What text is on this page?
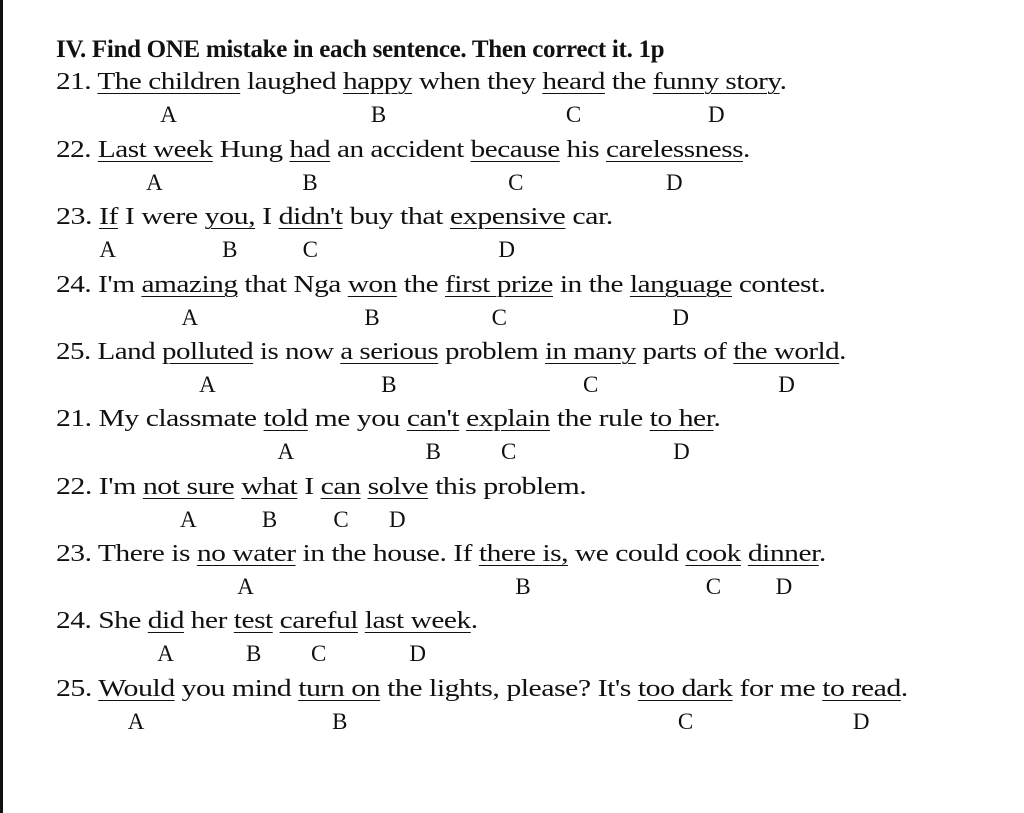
IV. Find ONE mistake in each sentence. Then correct it. 1p
21. The children laughed happy when they heard the funny story.
A	B	C	D
22. Last week Hung had an accident because his carelessness.
A	B	C	D
23. If I were you, I didn't buy that expensive car.
A	B	C	D
24. I'm amazing that Nga won the first prize in the language contest.
A	B	C	D
25. Land polluted is now a serious problem in many parts of the world.
A	B	C	D
21. My classmate told me you can't explain the rule to her.
A	B	C	D
22. I'm not sure what I can solve this problem.
A	B C D
23. There is no water in the house. If there is, we could cook dinner.
A	B	C D
24. She did her test careful last week.
A	B C	D
25. Would you mind turn on the lights, please? It's too dark for me to read.
A	B	C	D
